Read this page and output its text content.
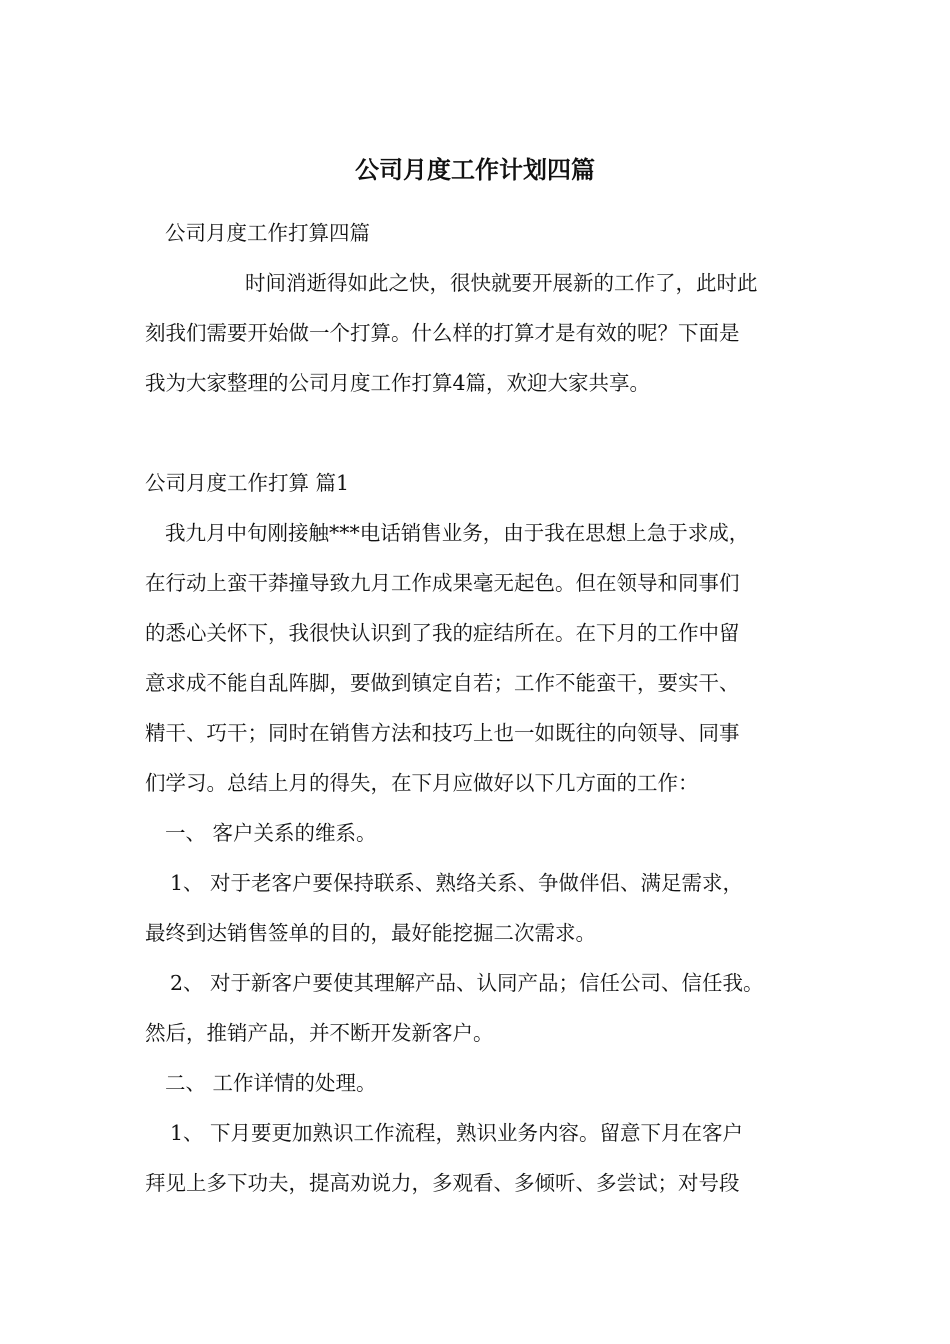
公司月度工作计划四篇

公司月度工作打算四篇

时间消逝得如此之快，很快就要开展新的工作了，此时此

刻我们需要开始做一个打算。什么样的打算才是有效的呢？下面是

我为大家整理的公司月度工作打算4篇，欢迎大家共享。

公司月度工作打算 篇1

我九月中旬刚接触***电话销售业务，由于我在思想上急于求成，

在行动上蛮干莽撞导致九月工作成果毫无起色。但在领导和同事们

的悉心关怀下，我很快认识到了我的症结所在。在下月的工作中留

意求成不能自乱阵脚，要做到镇定自若；工作不能蛮干，要实干、

精干、巧干；同时在销售方法和技巧上也一如既往的向领导、同事

们学习。总结上月的得失，在下月应做好以下几方面的工作：

一、 客户关系的维系。

1、 对于老客户要保持联系、熟络关系、争做伴侣、满足需求，

最终到达销售签单的目的，最好能挖掘二次需求。

2、 对于新客户要使其理解产品、认同产品；信任公司、信任我。

然后，推销产品，并不断开发新客户。

二、 工作详情的处理。

1、 下月要更加熟识工作流程，熟识业务内容。留意下月在客户

拜见上多下功夫，提高劝说力，多观看、多倾听、多尝试；对号段
